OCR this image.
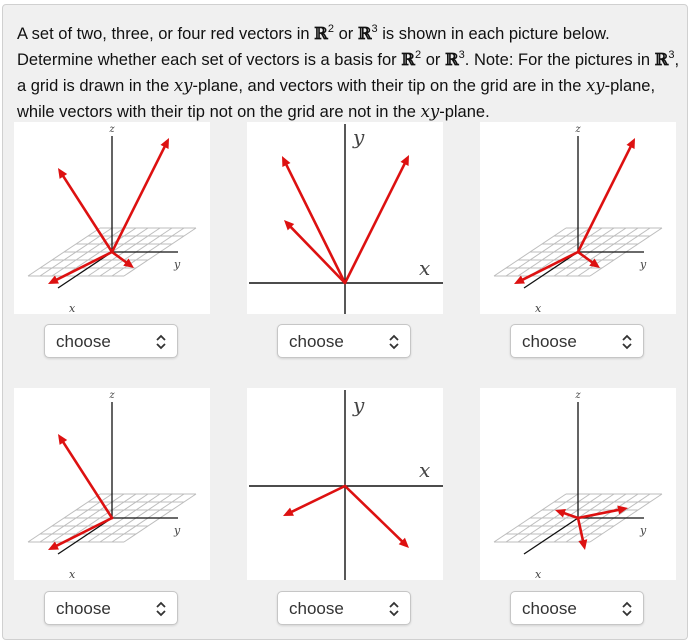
A set of two, three, or four red vectors in ℝ$^2$ or ℝ$^3$ is shown in each picture below. Determine whether each set of vectors is a basis for ℝ$^2$ or ℝ$^3$. Note: For the pictures in ℝ$^3$, a grid is drawn in the xy-plane, and vectors with their tip on the grid are in the xy-plane, while vectors with their tip not on the grid are not in the xy-plane.
z
y
x
choose
y
x
choose
z
y
x
choose
z
y
x
choose
y
x
choose
z
y
x
choose
